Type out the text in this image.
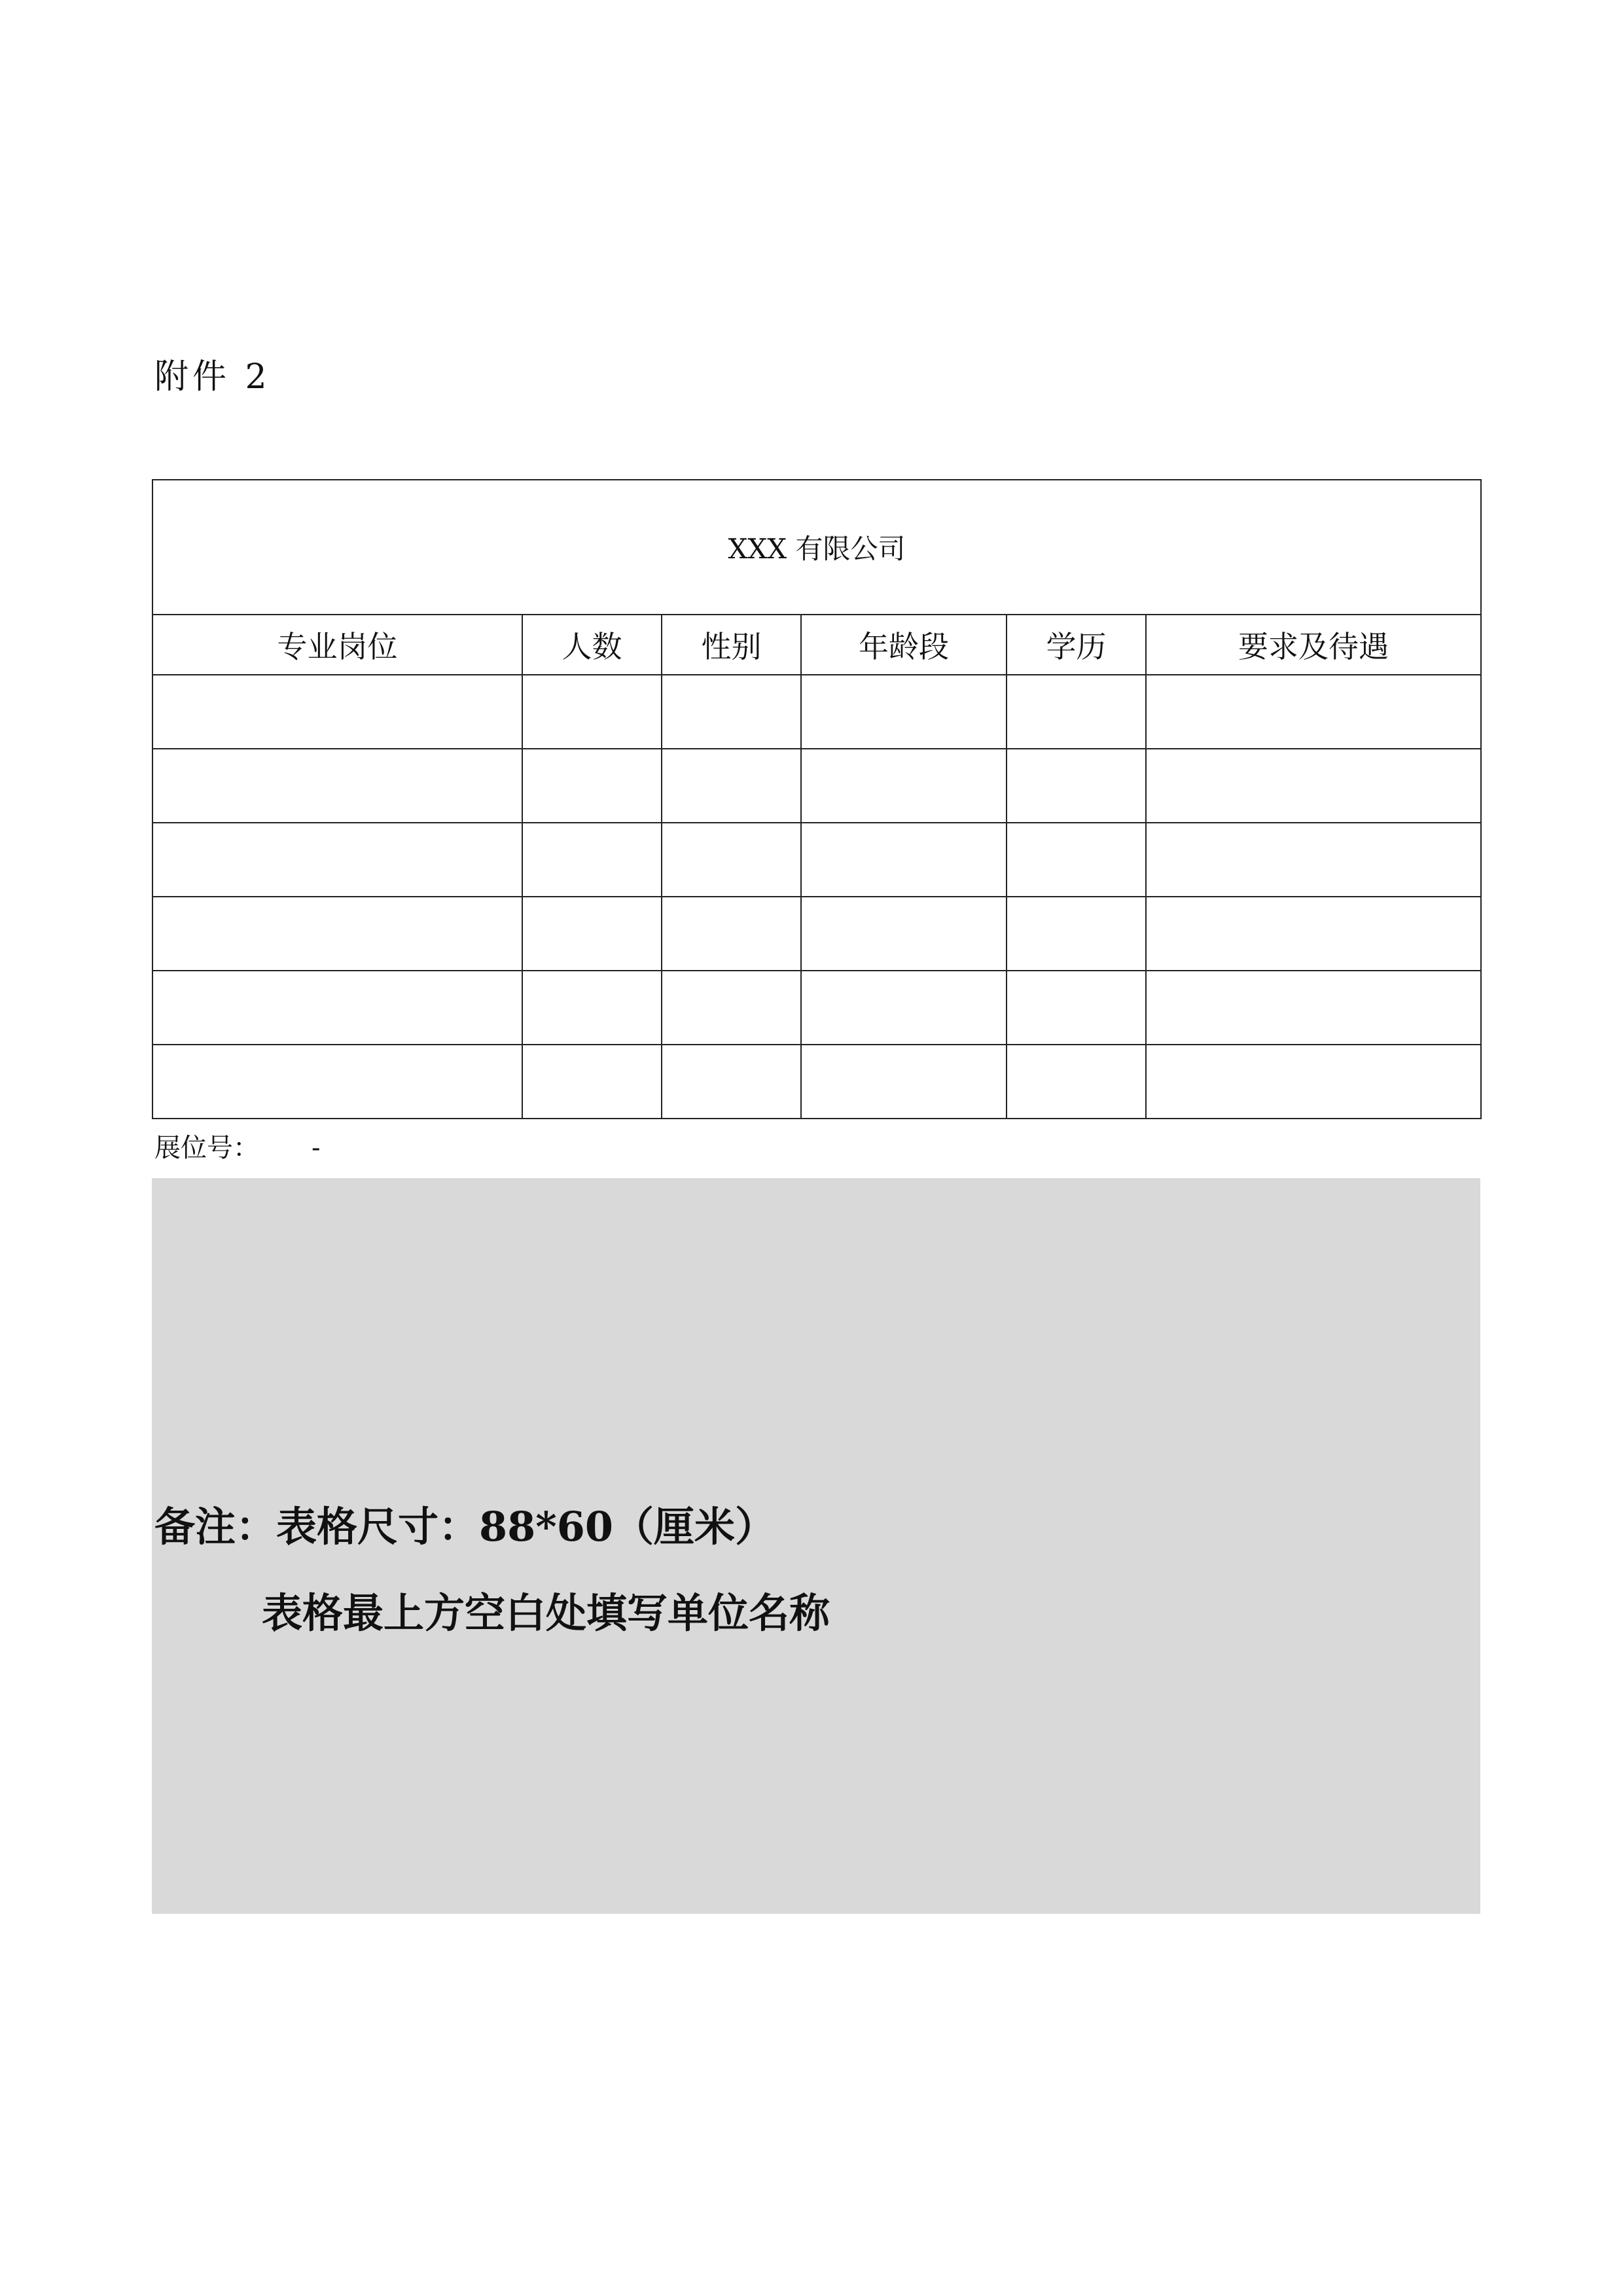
附件 2
XXX 有限公司					
专业岗位	人数	性别	年龄段	学历	要求及待遇

展位号： -
备注：表格尺寸：88*60（厘米）
表格最上方空白处填写单位名称
